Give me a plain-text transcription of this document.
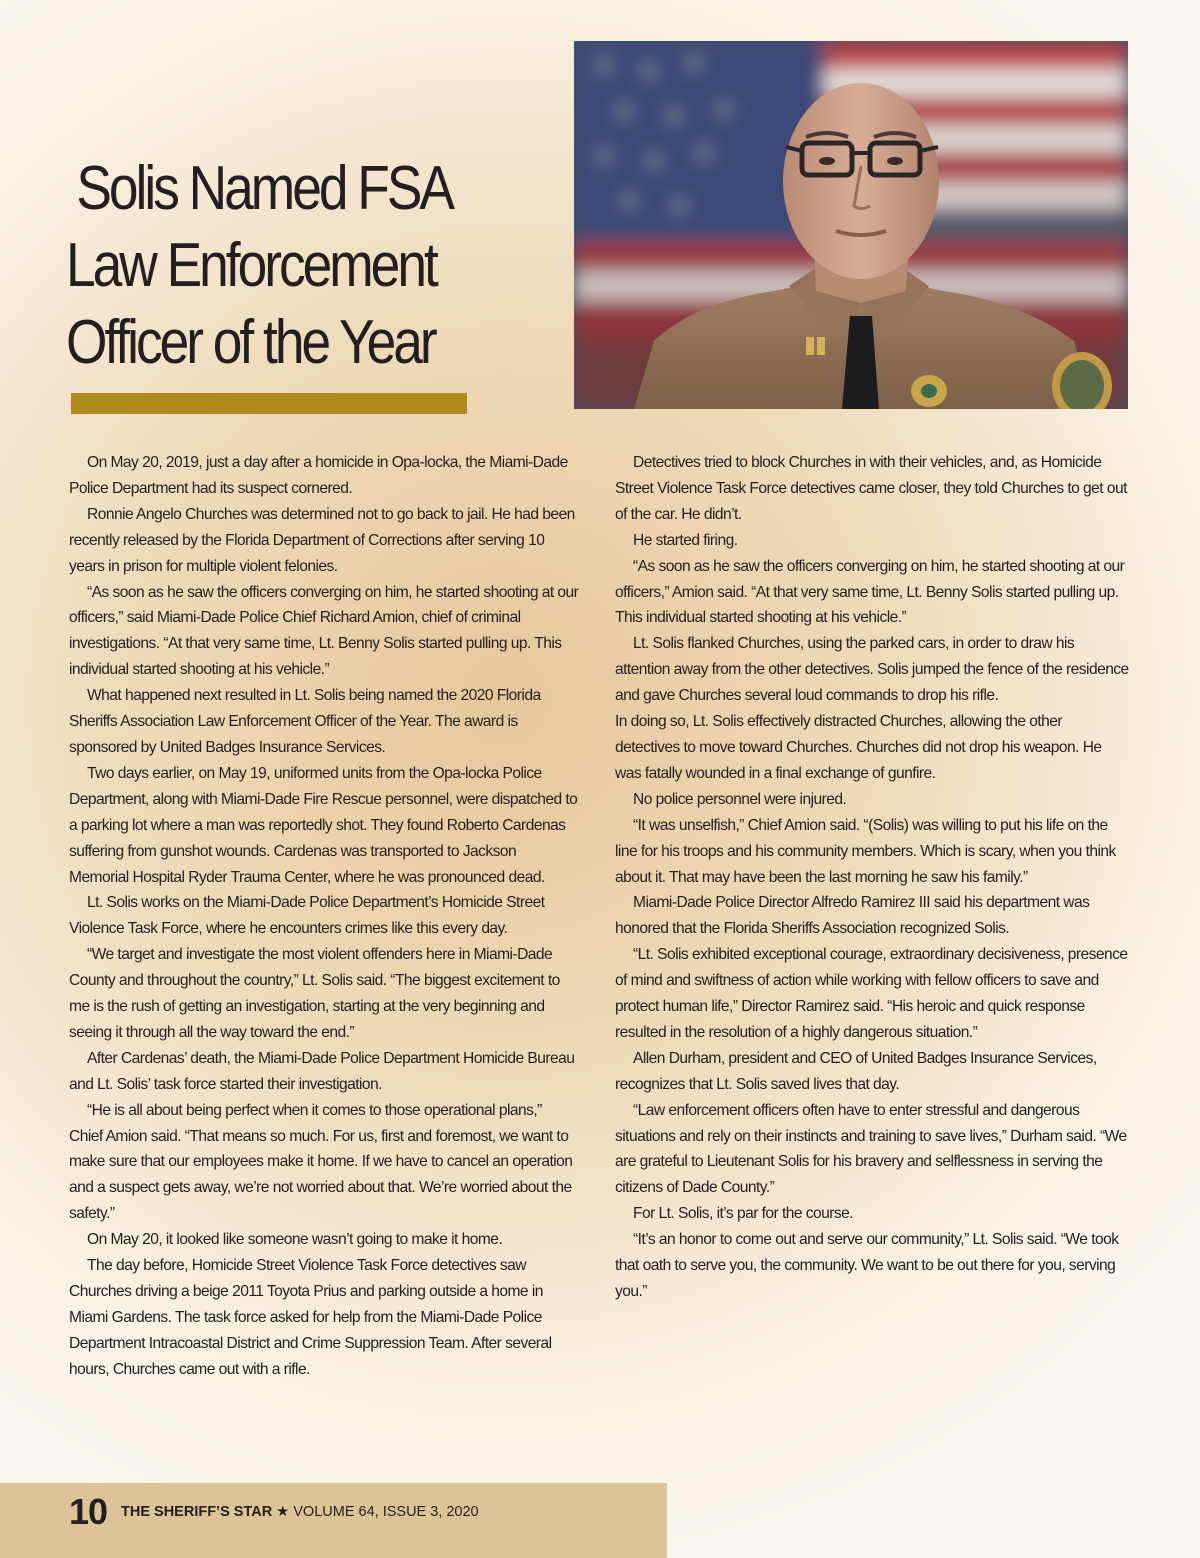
Solis Named FSA
Law Enforcement
Officer of the Year

On May 20, 2019, just a day after a homicide in Opa-locka, the Miami-Dade Police Department had its suspect cornered.

Ronnie Angelo Churches was determined not to go back to jail. He had been recently released by the Florida Department of Corrections after serving 10 years in prison for multiple violent felonies.

“As soon as he saw the officers converging on him, he started shooting at our officers,” said Miami-Dade Police Chief Richard Amion, chief of criminal investigations. “At that very same time, Lt. Benny Solis started pulling up. This individual started shooting at his vehicle.”

What happened next resulted in Lt. Solis being named the 2020 Florida Sheriffs Association Law Enforcement Officer of the Year. The award is sponsored by United Badges Insurance Services.

Two days earlier, on May 19, uniformed units from the Opa-locka Police Department, along with Miami-Dade Fire Rescue personnel, were dispatched to a parking lot where a man was reportedly shot. They found Roberto Cardenas suffering from gunshot wounds. Cardenas was transported to Jackson Memorial Hospital Ryder Trauma Center, where he was pronounced dead.

Lt. Solis works on the Miami-Dade Police Department’s Homicide Street Violence Task Force, where he encounters crimes like this every day.

“We target and investigate the most violent offenders here in Miami-Dade County and throughout the country,” Lt. Solis said. “The biggest excitement to me is the rush of getting an investigation, starting at the very beginning and seeing it through all the way toward the end.”

After Cardenas’ death, the Miami-Dade Police Department Homicide Bureau and Lt. Solis’ task force started their investigation.

“He is all about being perfect when it comes to those operational plans,” Chief Amion said. “That means so much. For us, first and foremost, we want to make sure that our employees make it home. If we have to cancel an operation and a suspect gets away, we’re not worried about that. We’re worried about the safety.”

On May 20, it looked like someone wasn’t going to make it home.

The day before, Homicide Street Violence Task Force detectives saw Churches driving a beige 2011 Toyota Prius and parking outside a home in Miami Gardens. The task force asked for help from the Miami-Dade Police Department Intracoastal District and Crime Suppression Team. After several hours, Churches came out with a rifle.

Detectives tried to block Churches in with their vehicles, and, as Homicide Street Violence Task Force detectives came closer, they told Churches to get out of the car. He didn’t.

He started firing.

“As soon as he saw the officers converging on him, he started shooting at our officers,” Amion said. “At that very same time, Lt. Benny Solis started pulling up. This individual started shooting at his vehicle.”

Lt. Solis flanked Churches, using the parked cars, in order to draw his attention away from the other detectives. Solis jumped the fence of the residence and gave Churches several loud commands to drop his rifle.

In doing so, Lt. Solis effectively distracted Churches, allowing the other detectives to move toward Churches. Churches did not drop his weapon. He was fatally wounded in a final exchange of gunfire.

No police personnel were injured.

“It was unselfish,” Chief Amion said. “(Solis) was willing to put his life on the line for his troops and his community members. Which is scary, when you think about it. That may have been the last morning he saw his family.”

Miami-Dade Police Director Alfredo Ramirez III said his department was honored that the Florida Sheriffs Association recognized Solis.

“Lt. Solis exhibited exceptional courage, extraordinary decisiveness, presence of mind and swiftness of action while working with fellow officers to save and protect human life,” Director Ramirez said. “His heroic and quick response resulted in the resolution of a highly dangerous situation.”

Allen Durham, president and CEO of United Badges Insurance Services, recognizes that Lt. Solis saved lives that day.

“Law enforcement officers often have to enter stressful and dangerous situations and rely on their instincts and training to save lives,” Durham said. “We are grateful to Lieutenant Solis for his bravery and selflessness in serving the citizens of Dade County.”

For Lt. Solis, it’s par for the course.

“It’s an honor to come out and serve our community,” Lt. Solis said. “We took that oath to serve you, the community. We want to be out there for you, serving you.”

10 THE SHERIFF’S STAR ★ VOLUME 64, ISSUE 3, 2020
